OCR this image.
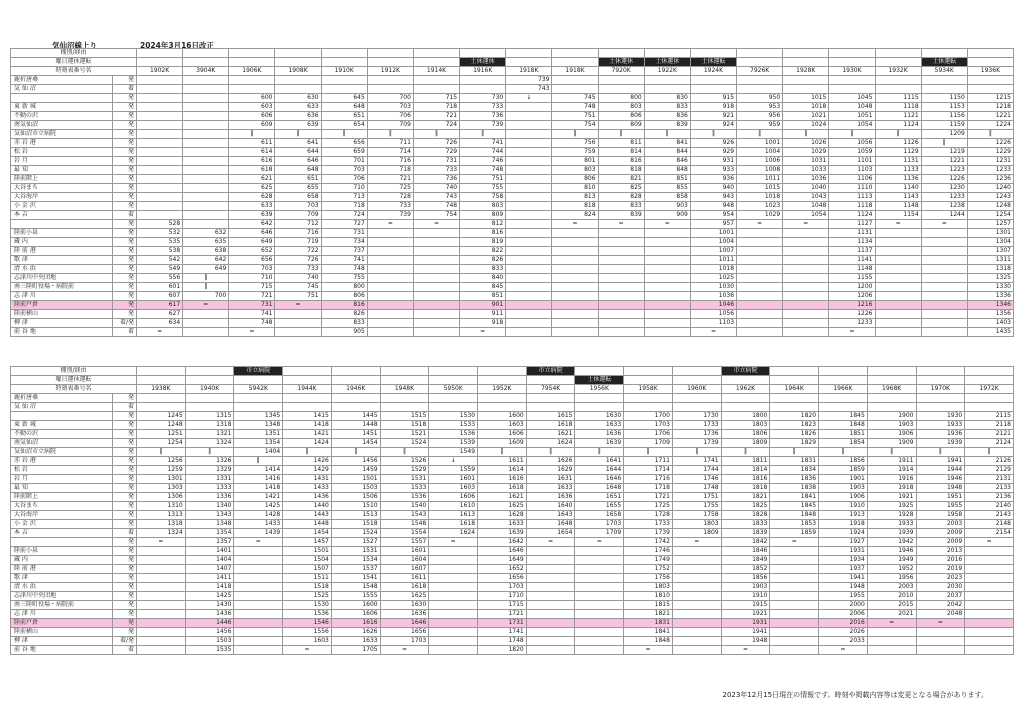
気仙沼線上り	2024年3月16日改正
種別/経由																				
曜日運休運転									土休運休			土休運休	土休運休	土休運転					土休運転	
時刻表番号名		1902K	3904K	1906K	1908K	1910K	1912K	1914K	1916K	1918K	1918K	7920K	1922K	1924K	7926K	1928K	1930K	1932K	5934K	1936K
鹿折唐桑	発									739										
気 仙 沼	着									743										
	発			600	630	645	700	715	730	↓	745	800	830	915	950	1015	1045	1115	1150	1215
東 新 城	発			603	633	648	703	718	733		748	803	833	918	953	1018	1048	1118	1153	1218
不動の沢	発			606	636	651	706	721	736		751	806	836	921	956	1021	1051	1121	1156	1221
南気仙沼	発			609	639	654	709	724	739		754	809	839	924	959	1024	1054	1124	1159	1224
気仙沼市立病院	発			‖	‖	‖	‖	‖	‖		‖	‖	‖	‖	‖	‖	‖	‖	1209	‖
赤 岩 港	発			611	641	656	711	726	741		756	811	841	926	1001	1026	1056	1126	‖	1226
松 岩	発			614	644	659	714	729	744		759	814	844	929	1004	1029	1059	1129	1219	1229
岩 月	発			616	646	701	716	731	746		801	816	846	931	1006	1031	1101	1131	1221	1231
最 知	発			618	648	703	718	733	748		803	818	848	933	1008	1033	1103	1133	1223	1233
陸前階上	発			621	651	706	721	736	751		806	821	851	936	1011	1036	1106	1136	1226	1236
大谷まち	発			625	655	710	725	740	755		810	825	855	940	1015	1040	1110	1140	1230	1240
大谷海岸	発			628	658	713	728	743	758		813	828	858	943	1018	1043	1113	1143	1233	1243
小 金 沢	発			633	703	718	733	748	803		818	833	903	948	1023	1048	1118	1148	1238	1248
本 吉	着			639	709	724	739	754	809		824	839	909	954	1029	1054	1124	1154	1244	1254
	発	528		642	712	727	=	=	812		=	=	=	957	=	=	1127	=	=	1257
陸前小泉	発	532	632	646	716	731			816					1001			1131			1301
蔵 内	発	535	635	649	719	734			819					1004			1134			1304
陸 前 港	発	538	638	652	722	737			822					1007			1137			1307
歌 津	発	542	642	656	726	741			826					1011			1141			1311
清 水 浜	発	549	649	703	733	748			833					1018			1148			1318
志津川中央団地	発	556	‖	710	740	755			840					1025			1155			1325
南三陸町役場・病院前	発	601	‖	715	745	800			845					1030			1200			1330
志 津 川	発	607	700	721	751	806			851					1036			1206			1336
陸前戸倉	発	617	=	731	=	816			901					1046			1216			1346
陸前横山	発	627		741		826			911					1056			1226			1356
柳 津	着/発	634		748		833			918					1103			1233			1403
前 谷 地	着	=		=		905			=					=			=			1435
種別/経由				市立病院						市立病院				市立病院					
曜日運休運転											土休運転								
時刻表番号名		1938K	1940K	5942K	1944K	1946K	1948K	5950K	1952K	7954K	1956K	1958K	1960K	1962K	1964K	1966K	1968K	1970K	1972K
鹿折唐桑	発																		
気 仙 沼	着																		
	発	1245	1315	1345	1415	1445	1515	1530	1600	1615	1630	1700	1730	1800	1820	1845	1900	1930	2115
東 新 城	発	1248	1318	1348	1418	1448	1518	1533	1603	1618	1633	1703	1733	1803	1823	1848	1903	1933	2118
不動の沢	発	1251	1321	1351	1421	1451	1521	1536	1606	1621	1636	1706	1736	1806	1826	1851	1906	1936	2121
南気仙沼	発	1254	1324	1354	1424	1454	1524	1539	1609	1624	1639	1709	1739	1809	1829	1854	1909	1939	2124
気仙沼市立病院	発	‖	‖	1404	‖	‖	‖	1549	‖	‖	‖	‖	‖	‖	‖	‖	‖	‖	‖
赤 岩 港	発	1256	1326	‖	1426	1456	1526	↓	1611	1626	1641	1711	1741	1811	1831	1856	1911	1941	2126
松 岩	発	1259	1329	1414	1429	1459	1529	1559	1614	1629	1644	1714	1744	1814	1834	1859	1914	1944	2129
岩 月	発	1301	1331	1416	1431	1501	1531	1601	1616	1631	1646	1716	1746	1816	1836	1901	1916	1946	2131
最 知	発	1303	1333	1418	1433	1503	1533	1603	1618	1633	1648	1718	1748	1818	1838	1903	1918	1948	2133
陸前階上	発	1306	1336	1421	1436	1506	1536	1606	1621	1636	1651	1721	1751	1821	1841	1906	1921	1951	2136
大谷まち	発	1310	1340	1425	1440	1510	1540	1610	1625	1640	1655	1725	1755	1825	1845	1910	1925	1955	2140
大谷海岸	発	1313	1343	1428	1443	1513	1543	1613	1628	1643	1658	1728	1758	1828	1848	1913	1928	1958	2143
小 金 沢	発	1318	1348	1433	1448	1518	1548	1618	1633	1648	1703	1733	1803	1833	1853	1918	1933	2003	2148
本 吉	着	1324	1354	1439	1454	1524	1554	1624	1639	1654	1709	1739	1809	1839	1859	1924	1939	2009	2154
	発	=	1357	=	1457	1527	1557	=	1642	=	=	1742	=	1842	=	1927	1942	2009	=
陸前小泉	発		1401		1501	1531	1601		1646			1746		1846		1931	1946	2013	
蔵 内	発		1404		1504	1534	1604		1649			1749		1849		1934	1949	2016	
陸 前 港	発		1407		1507	1537	1607		1652			1752		1852		1937	1952	2019	
歌 津	発		1411		1511	1541	1611		1656			1756		1856		1941	1956	2023	
清 水 浜	発		1418		1518	1548	1618		1703			1803		1903		1948	2003	2030	
志津川中央団地	発		1425		1525	1555	1625		1710			1810		1910		1955	2010	2037	
南三陸町役場・病院前	発		1430		1530	1600	1630		1715			1815		1915		2000	2015	2042	
志 津 川	発		1436		1536	1606	1636		1721			1821		1921		2006	2021	2048	
陸前戸倉	発		1446		1546	1616	1646		1731			1831		1931		2016	=	=	
陸前横山	発		1456		1556	1626	1656		1741			1841		1941		2026			
柳 津	着/発		1503		1603	1633	1703		1748			1848		1948		2033			
前 谷 地	着		1535		=	1705	=		1820			=		=		=			
2023年12月15日現在の情報です。時刻や掲載内容等は変更となる場合があります。
